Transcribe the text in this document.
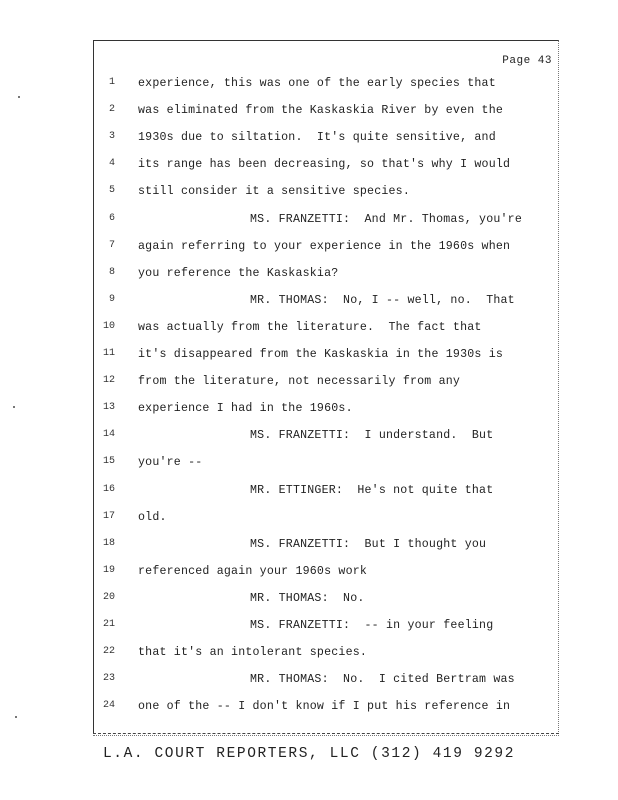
Page 43
1 experience, this was one of the early species that
2 was eliminated from the Kaskaskia River by even the
3 1930s due to siltation.  It's quite sensitive, and
4 its range has been decreasing, so that's why I would
5 still consider it a sensitive species.
6	MS. FRANZETTI:  And Mr. Thomas, you're
7 again referring to your experience in the 1960s when
8 you reference the Kaskaskia?
9	MR. THOMAS:  No, I -- well, no.  That
10 was actually from the literature.  The fact that
11 it's disappeared from the Kaskaskia in the 1930s is
12 from the literature, not necessarily from any
13 experience I had in the 1960s.
14	MS. FRANZETTI:  I understand.  But
15 you're --
16	MR. ETTINGER:  He's not quite that
17 old.
18	MS. FRANZETTI:  But I thought you
19 referenced again your 1960s work
20	MR. THOMAS:  No.
21	MS. FRANZETTI:  -- in your feeling
22 that it's an intolerant species.
23	MR. THOMAS:  No.  I cited Bertram was
24 one of the -- I don't know if I put his reference in
L.A. COURT REPORTERS, LLC (312) 419 9292
